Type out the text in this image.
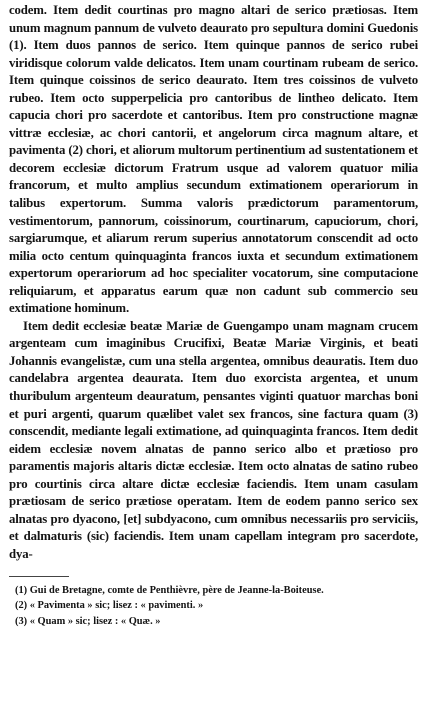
codem. Item dedit courtinas pro magno altari de serico prætiosas. Item unum magnum pannum de vulveto deaurato pro sepultura domini Guedonis (1). Item duos pannos de serico. Item quinque pannos de serico rubei viridisque colorum valde delicatos. Item unam courtinam rubeam de serico. Item quinque coissinos de serico deaurato. Item tres coissinos de vulveto rubeo. Item octo supperpelicia pro cantoribus de lintheo delicato. Item capucia chori pro sacerdote et cantoribus. Item pro constructione magnæ vittræ ecclesiæ, ac chori cantorii, et angelorum circa magnum altare, et pavimenta (2) chori, et aliorum multorum pertinentium ad sustentationem et decorem ecclesiæ dictorum Fratrum usque ad valorem quatuor milia francorum, et multo amplius secundum extimationem operariorum in talibus expertorum. Summa valoris prædictorum paramentorum, vestimentorum, pannorum, coissinorum, courtinarum, capuciorum, chori, sargiarumque, et aliarum rerum superius annotatorum conscendit ad octo milia octo centum quinquaginta francos iuxta et secundum extimationem expertorum operariorum ad hoc specialiter vocatorum, sine computacione reliquiarum, et apparatus earum quæ non cadunt sub commercio seu extimatione hominum.

Item dedit ecclesiæ beatæ Mariæ de Guengampo unam magnam crucem argenteam cum imaginibus Crucifixi, Beatæ Mariæ Virginis, et beati Johannis evangelistæ, cum una stella argentea, omnibus deauratis. Item duo candelabra argentea deaurata. Item duo exorcista argentea, et unum thuribulum argenteum deauratum, pensantes viginti quatuor marchas boni et puri argenti, quarum quælibet valet sex francos, sine factura quam (3) conscendit, mediante legali extimatione, ad quinquaginta francos. Item dedit eidem ecclesiæ novem alnatas de panno serico albo et prætioso pro paramentis majoris altaris dictæ ecclesiæ. Item octo alnatas de satino rubeo pro courtinis circa altare dictæ ecclesiæ faciendis. Item unam casulam prætiosam de serico prætiose operatam. Item de eodem panno serico sex alnatas pro dyacono, [et] subdyacono, cum omnibus necessariis pro serviciis, et dalmaturis (sic) faciendis. Item unam capellam integram pro sacerdote, dya-

(1) Gui de Bretagne, comte de Penthièvre, père de Jeanne-la-Boiteuse.

(2) « Pavimenta » sic; lisez : « pavimenti. »

(3) « Quam » sic; lisez : « Quæ. »
